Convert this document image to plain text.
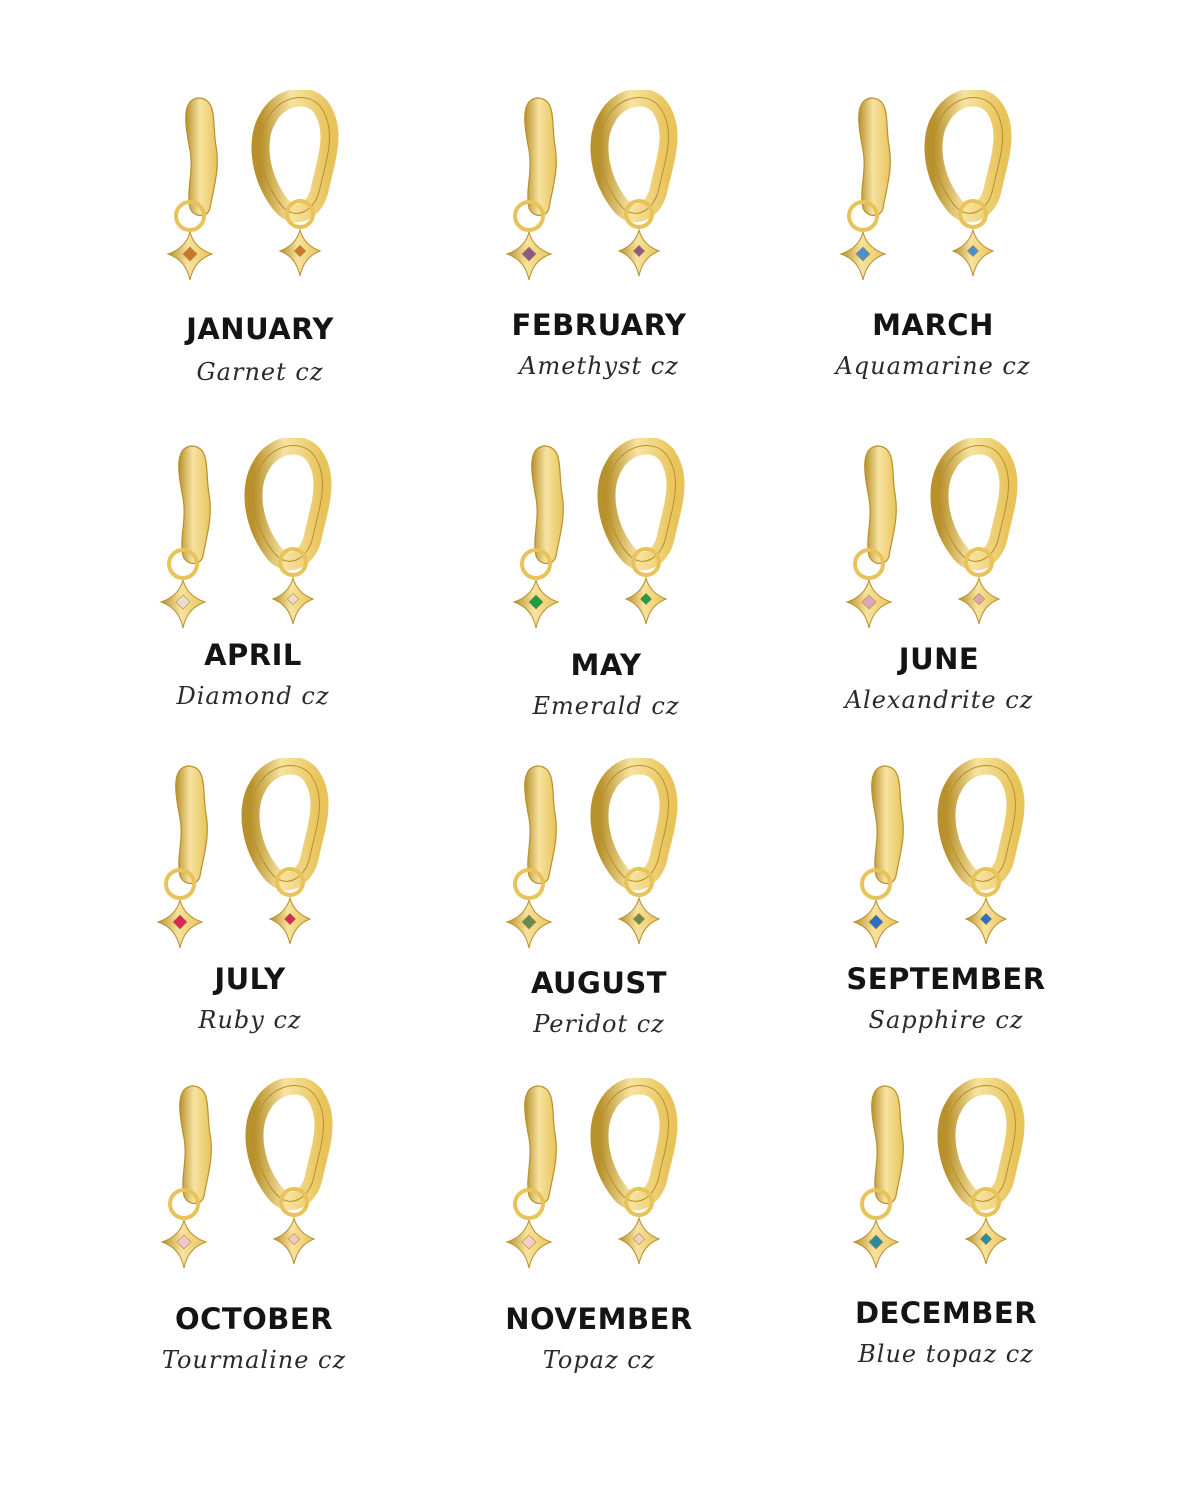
JANUARY
Garnet cz
FEBRUARY
Amethyst cz
MARCH
Aquamarine cz
APRIL
Diamond cz
MAY
Emerald cz
JUNE
Alexandrite cz
JULY
Ruby cz
AUGUST
Peridot cz
SEPTEMBER
Sapphire cz
OCTOBER
Tourmaline cz
NOVEMBER
Topaz cz
DECEMBER
Blue topaz cz
